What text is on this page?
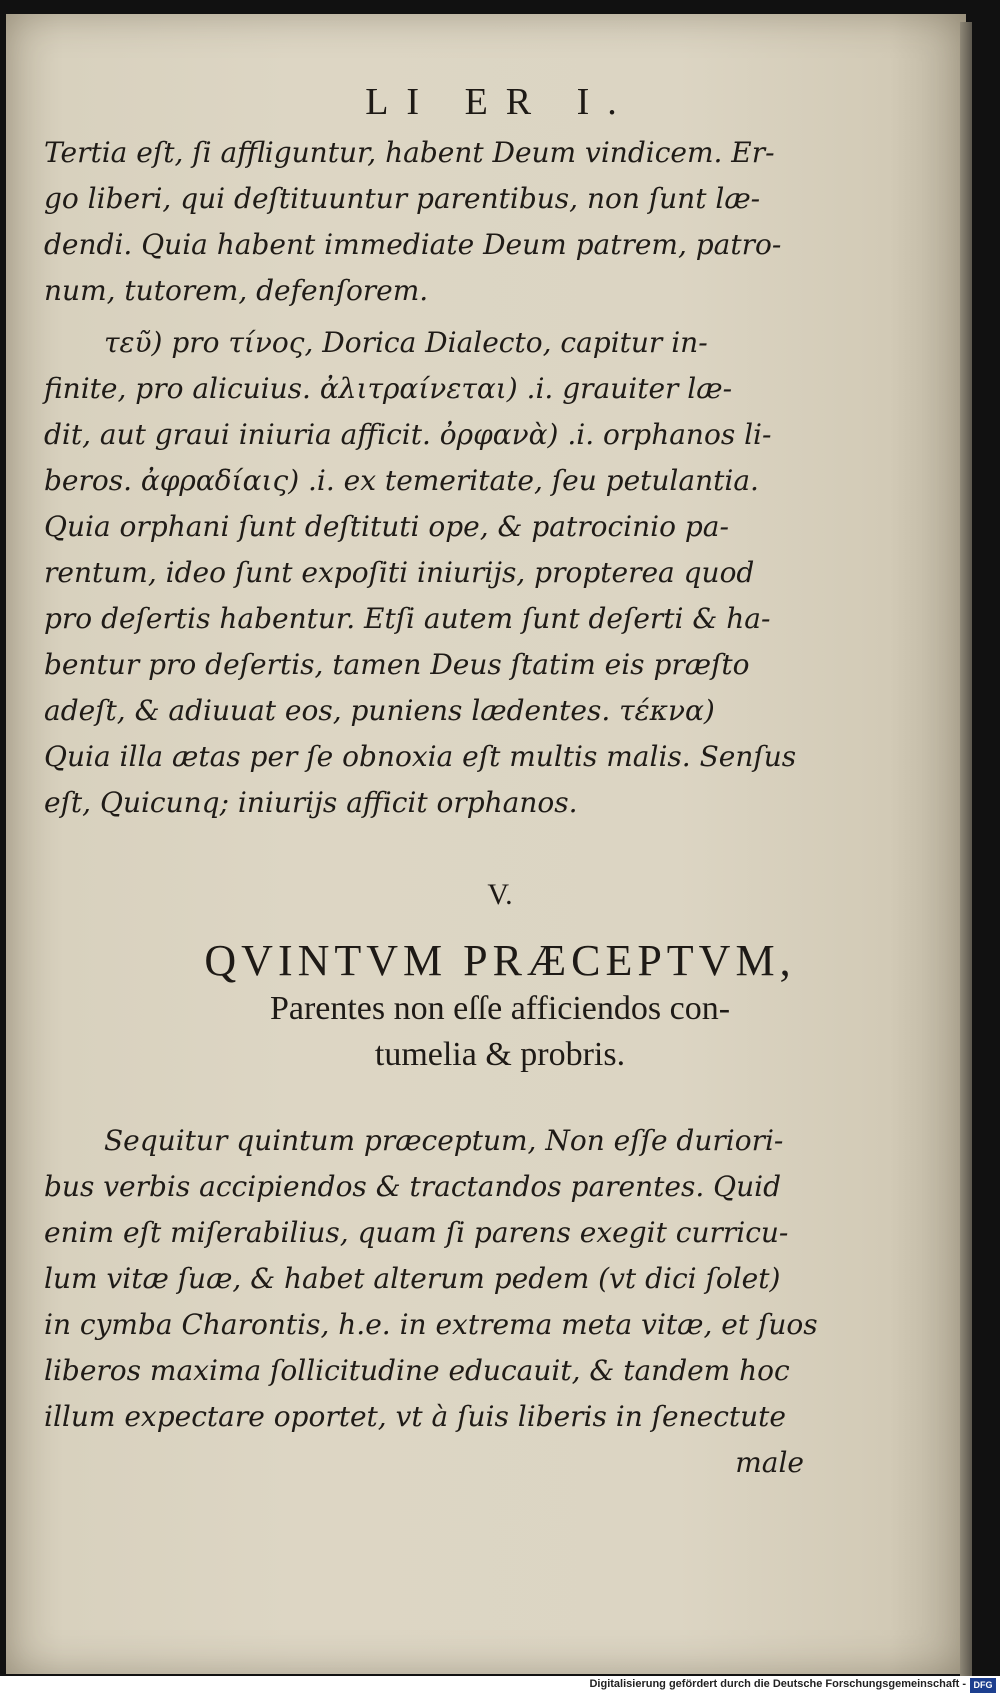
LI ER I.
Tertia eſt, ſi affliguntur, habent Deum vindicem. Er-
go liberi, qui deſtituuntur parentibus, non ſunt læ-
dendi. Quia habent immediate Deum patrem, patro-
num, tutorem, defenſorem.
τεῦ) pro τίνος, Dorica Dialecto, capitur in-
finite, pro alicuius. ἀλιτραίνεται) .i. grauiter læ-
dit, aut graui iniuria afficit. ὀρφανὰ) .i. orphanos li-
beros. ἀφραδίαις) .i. ex temeritate, ſeu petulantia.
Quia orphani ſunt deſtituti ope, & patrocinio pa-
rentum, ideo ſunt expoſiti iniurijs, propterea quod
pro deſertis habentur. Etſi autem ſunt deſerti & ha-
bentur pro deſertis, tamen Deus ſtatim eis præſto
adeſt, & adiuuat eos, puniens lædentes. τέκνα)
Quia illa ætas per ſe obnoxia eſt multis malis. Senſus
eſt, Quicunq; iniurijs afficit orphanos.
V.
QVINTVM PRÆCEPTVM,
Parentes non eſſe afficiendos con-
tumelia & probris.
Sequitur quintum præceptum, Non eſſe duriori-
bus verbis accipiendos & tractandos parentes. Quid
enim eſt miſerabilius, quam ſi parens exegit curricu-
lum vitæ ſuæ, & habet alterum pedem (vt dici ſolet)
in cymba Charontis, h.e. in extrema meta vitæ, et ſuos
liberos maxima ſollicitudine educauit, & tandem hoc
illum expectare oportet, vt à ſuis liberis in ſenectute
male
Digitalisierung gefördert durch die Deutsche Forschungsgemeinschaft - DFG
